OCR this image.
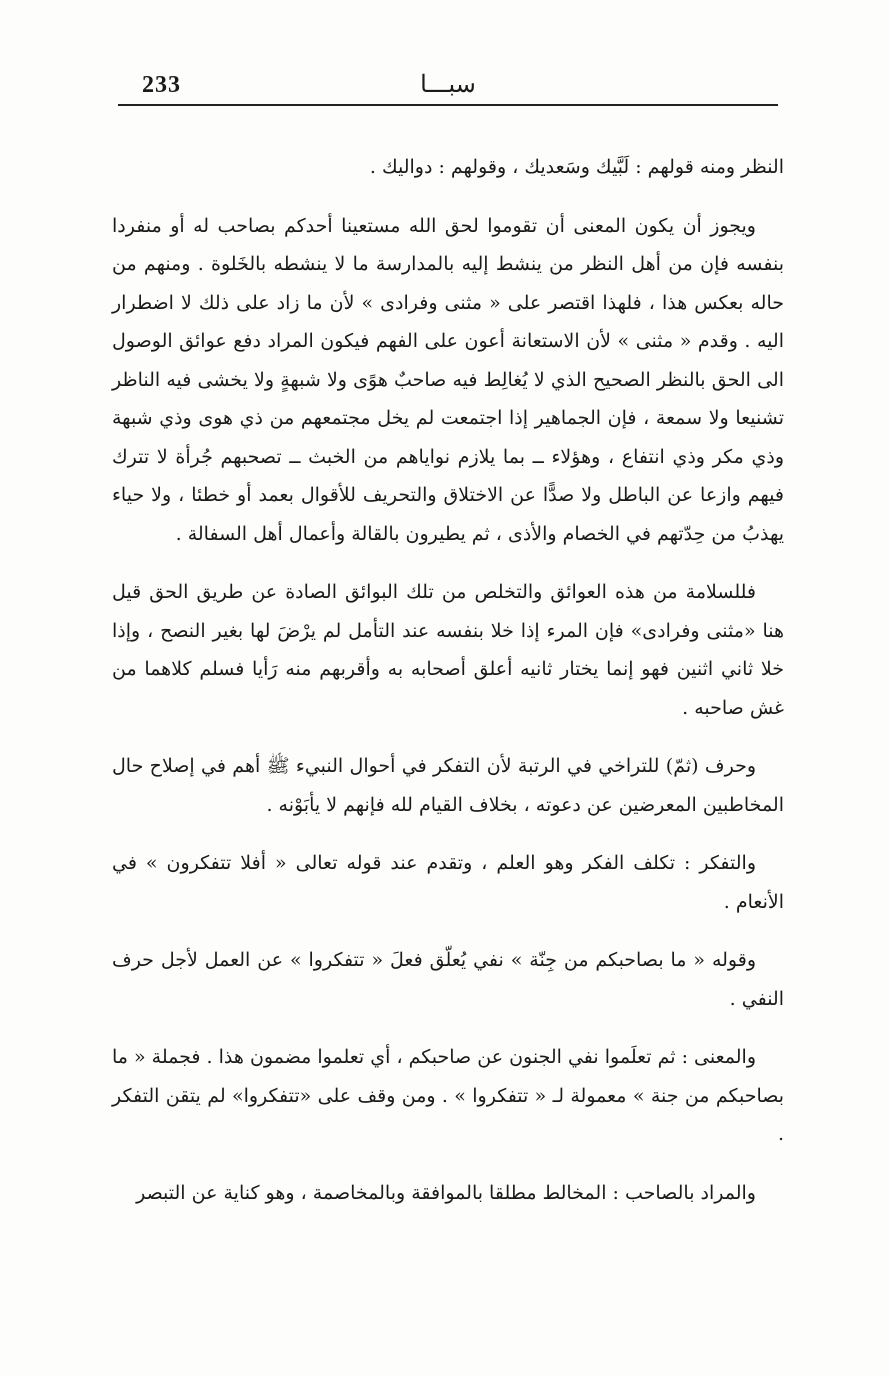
233	سبـــا

النظر ومنه قولهم : لَبَّيك وسَعديك ، وقولهم : دواليك .

ويجوز أن يكون المعنى أن تقوموا لحق الله مستعينا أحدكم بصاحب له أو منفردا بنفسه فإن من أهل النظر من ينشط إليه بالمدارسة ما لا ينشطه بالخَلوة . ومنهم من حاله بعكس هذا ، فلهذا اقتصر على « مثنى وفرادى » لأن ما زاد على ذلك لا اضطرار اليه . وقدم « مثنى » لأن الاستعانة أعون على الفهم فيكون المراد دفع عوائق الوصول الى الحق بالنظر الصحيح الذي لا يُغالِط فيه صاحبٌ هوًى ولا شبهةٍ ولا يخشى فيه الناظر تشنيعا ولا سمعة ، فإن الجماهير إذا اجتمعت لم يخل مجتمعهم من ذي هوى وذي شبهة وذي مكر وذي انتفاع ، وهؤلاء ــ بما يلازم نواياهم من الخبث ــ تصحبهم جُرأة لا تترك فيهم وازعا عن الباطل ولا صدًّا عن الاختلاق والتحريف للأقوال بعمد أو خطئا ، ولا حياء يهذبُ من حِدّتهم في الخصام والأذى ، ثم يطيرون بالقالة وأعمال أهل السفالة .

فللسلامة من هذه العوائق والتخلص من تلك البوائق الصادة عن طريق الحق قيل هنا «مثنى وفرادى» فإن المرء إذا خلا بنفسه عند التأمل لم يرْضَ لها بغير النصح ، وإذا خلا ثاني اثنين فهو إنما يختار ثانيه أعلق أصحابه به وأقربهم منه رَأيا فسلم كلاهما من غش صاحبه .

وحرف (ثمّ) للتراخي في الرتبة لأن التفكر في أحوال النبيء ﷺ أهم في إصلاح حال المخاطبين المعرضين عن دعوته ، بخلاف القيام لله فإنهم لا يأبَوْنه .

والتفكر : تكلف الفكر وهو العلم ، وتقدم عند قوله تعالى « أفلا تتفكرون » في الأنعام .

وقوله « ما بصاحبكم من جِنّة » نفي يُعلّق فعلَ « تتفكروا » عن العمل لأجل حرف النفي .

والمعنى : ثم تعلَموا نفي الجنون عن صاحبكم ، أي تعلموا مضمون هذا . فجملة « ما بصاحبكم من جنة » معمولة لـ « تتفكروا » . ومن وقف على «تتفكروا» لم يتقن التفكر .

والمراد بالصاحب : المخالط مطلقا بالموافقة وبالمخاصمة ، وهو كناية عن التبصر
